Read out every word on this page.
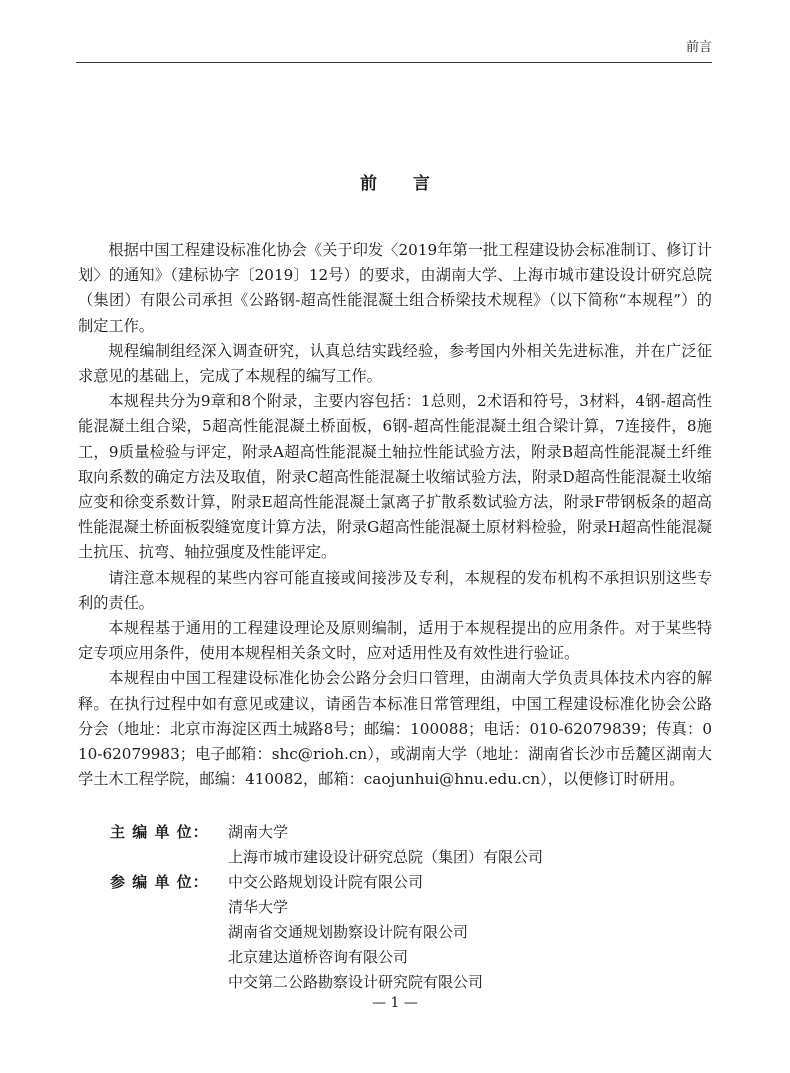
前言
前言

根据中国工程建设标准化协会《关于印发〈2019年第一批工程建设协会标准制订、修订计划〉的通知》（建标协字〔2019〕12号）的要求，由湖南大学、上海市城市建设设计研究总院（集团）有限公司承担《公路钢-超高性能混凝土组合桥梁技术规程》（以下简称“本规程”）的制定工作。

规程编制组经深入调查研究，认真总结实践经验，参考国内外相关先进标准，并在广泛征求意见的基础上，完成了本规程的编写工作。

本规程共分为9章和8个附录，主要内容包括：1总则，2术语和符号，3材料，4钢-超高性能混凝土组合梁，5超高性能混凝土桥面板，6钢-超高性能混凝土组合梁计算，7连接件，8施工，9质量检验与评定，附录A超高性能混凝土轴拉性能试验方法，附录B超高性能混凝土纤维取向系数的确定方法及取值，附录C超高性能混凝土收缩试验方法，附录D超高性能混凝土收缩应变和徐变系数计算，附录E超高性能混凝土氯离子扩散系数试验方法，附录F带钢板条的超高性能混凝土桥面板裂缝宽度计算方法，附录G超高性能混凝土原材料检验，附录H超高性能混凝土抗压、抗弯、轴拉强度及性能评定。

请注意本规程的某些内容可能直接或间接涉及专利，本规程的发布机构不承担识别这些专利的责任。

本规程基于通用的工程建设理论及原则编制，适用于本规程提出的应用条件。对于某些特定专项应用条件，使用本规程相关条文时，应对适用性及有效性进行验证。

本规程由中国工程建设标准化协会公路分会归口管理，由湖南大学负责具体技术内容的解释。在执行过程中如有意见或建议，请函告本标准日常管理组，中国工程建设标准化协会公路分会（地址：北京市海淀区西土城路8号；邮编：100088；电话：010-62079839；传真：010-62079983；电子邮箱：shc@rioh.cn），或湖南大学（地址：湖南省长沙市岳麓区湖南大学土木工程学院，邮编：410082，邮箱：caojunhui@hnu.edu.cn），以便修订时研用。

主 编 单 位：	湖南大学
上海市城市建设设计研究总院（集团）有限公司
参 编 单 位：	中交公路规划设计院有限公司
清华大学
湖南省交通规划勘察设计院有限公司
北京建达道桥咨询有限公司
中交第二公路勘察设计研究院有限公司
— 1 —
